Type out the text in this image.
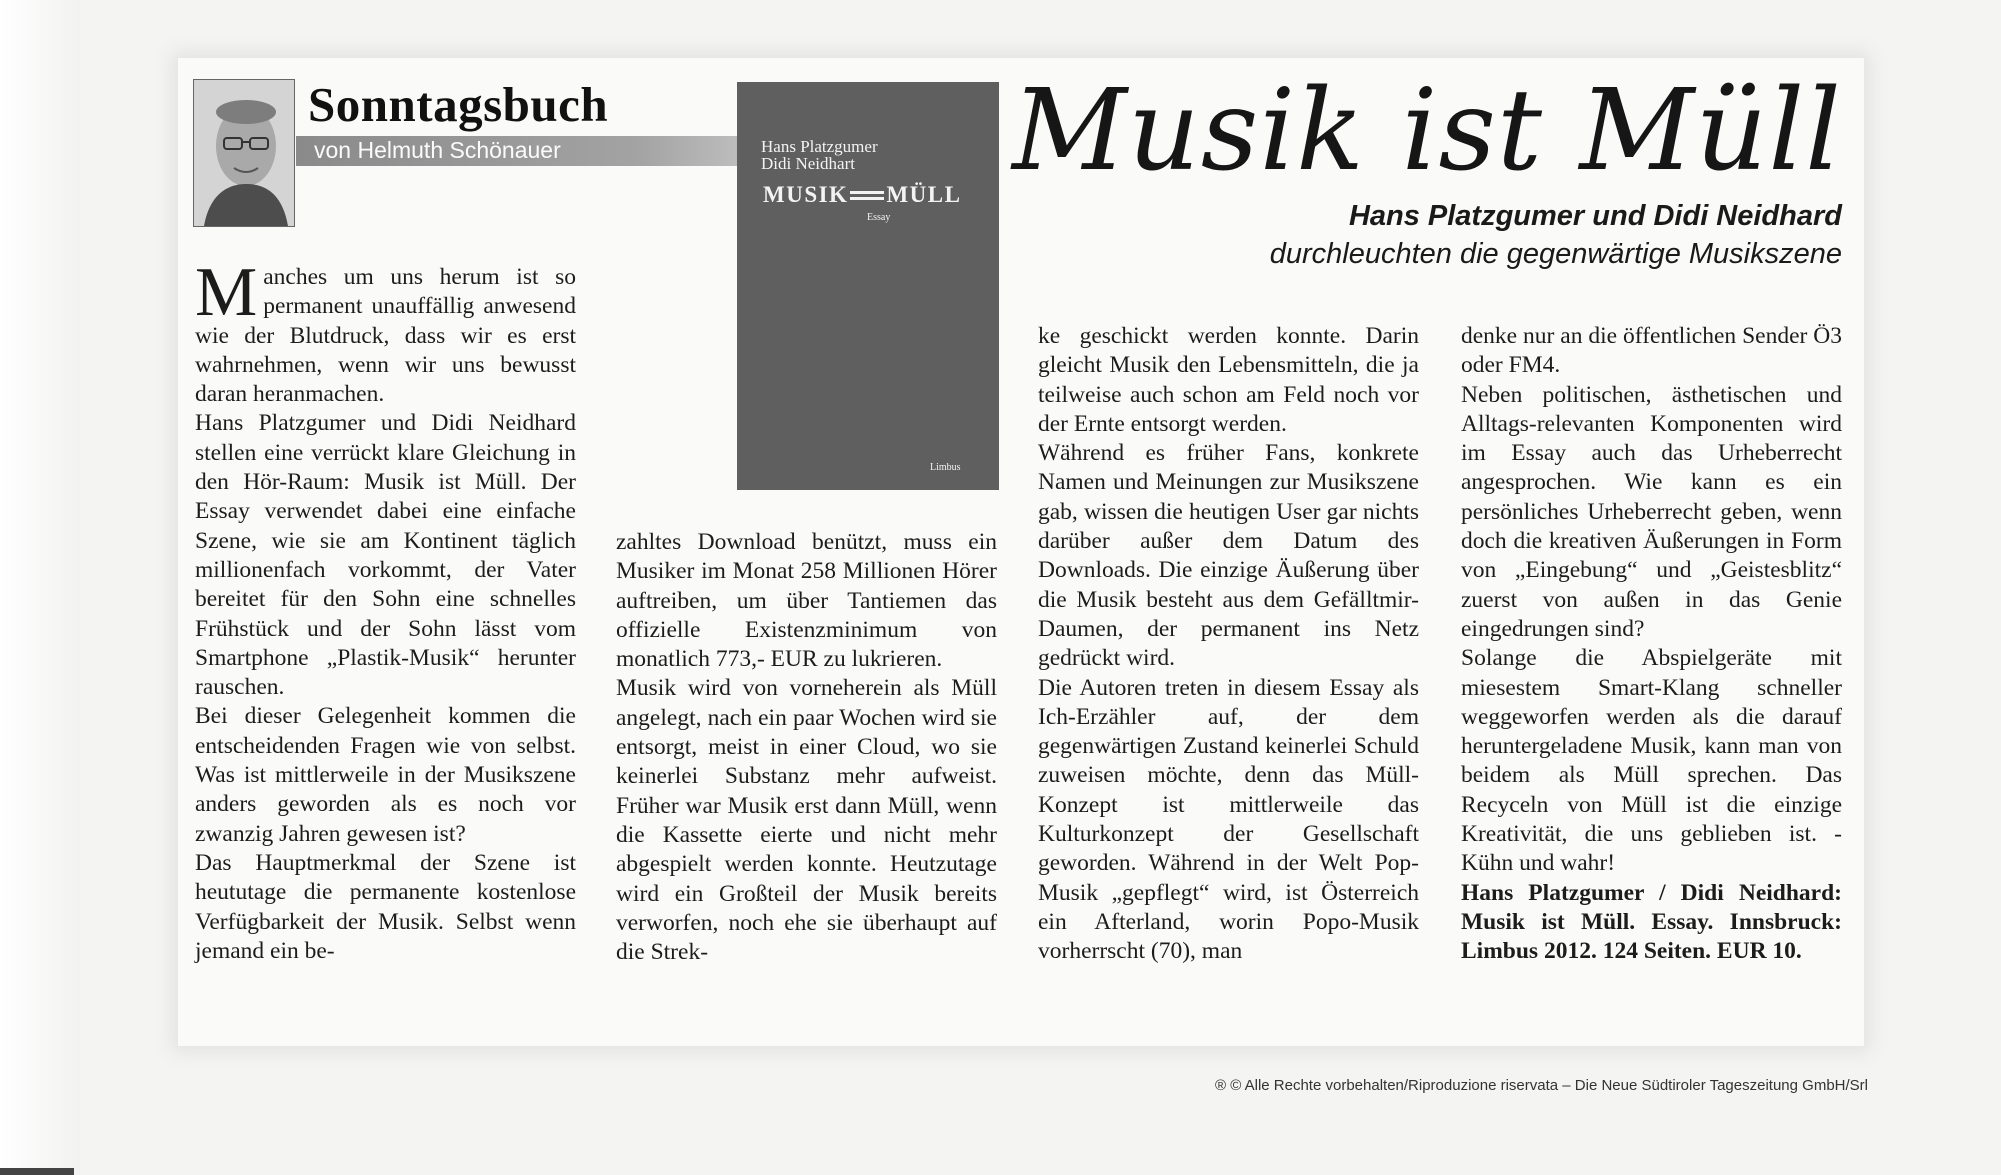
Sonntagsbuch
von Helmuth Schönauer	Hans Platzgumer
Didi Neidhart
MUSIK MÜLL
Essay
Limbus
Musik ist Müll
Hans Platzgumer und Didi Neidhard
durchleuchten die gegenwärtige Musikszene

Manches um uns herum ist so permanent unauffällig anwesend wie der Blutdruck, dass wir es erst wahrnehmen, wenn wir uns bewusst daran heranmachen.

Hans Platzgumer und Didi Neidhard stellen eine verrückt klare Gleichung in den Hör-Raum: Musik ist Müll. Der Essay verwendet dabei eine einfache Szene, wie sie am Kontinent täglich millionenfach vorkommt, der Vater bereitet für den Sohn eine schnelles Frühstück und der Sohn lässt vom Smartphone „Plastik-Musik“ herunter rauschen.

Bei dieser Gelegenheit kommen die entscheidenden Fragen wie von selbst. Was ist mittlerweile in der Musikszene anders geworden als es noch vor zwanzig Jahren gewesen ist?

Das Hauptmerkmal der Szene ist heututage die permanente kostenlose Verfügbarkeit der Musik. Selbst wenn jemand ein be-

zahltes Download benützt, muss ein Musiker im Monat 258 Millionen Hörer auftreiben, um über Tantiemen das offizielle Existenzminimum von monatlich 773,- EUR zu lukrieren.

Musik wird von vorneherein als Müll angelegt, nach ein paar Wochen wird sie entsorgt, meist in einer Cloud, wo sie keinerlei Substanz mehr aufweist. Früher war Musik erst dann Müll, wenn die Kassette eierte und nicht mehr abgespielt werden konnte. Heutzutage wird ein Großteil der Musik bereits verworfen, noch ehe sie überhaupt auf die Strek-

ke geschickt werden konnte. Darin gleicht Musik den Lebensmitteln, die ja teilweise auch schon am Feld noch vor der Ernte entsorgt werden.

Während es früher Fans, konkrete Namen und Meinungen zur Musikszene gab, wissen die heutigen User gar nichts darüber außer dem Datum des Downloads. Die einzige Äußerung über die Musik besteht aus dem Gefälltmir-Daumen, der permanent ins Netz gedrückt wird.

Die Autoren treten in diesem Essay als Ich-Erzähler auf, der dem gegenwärtigen Zustand keinerlei Schuld zuweisen möchte, denn das Müll-Konzept ist mittlerweile das Kulturkonzept der Gesellschaft geworden. Während in der Welt Pop-Musik „gepflegt“ wird, ist Österreich ein Afterland, worin Popo-Musik vorherrscht (70), man

denke nur an die öffentlichen Sender Ö3 oder FM4.

Neben politischen, ästhetischen und Alltags-relevanten Komponenten wird im Essay auch das Urheberrecht angesprochen. Wie kann es ein persönliches Urheberrecht geben, wenn doch die kreativen Äußerungen in Form von „Eingebung“ und „Geistesblitz“ zuerst von außen in das Genie eingedrungen sind?

Solange die Abspielgeräte mit miesestem Smart-Klang schneller weggeworfen werden als die darauf heruntergeladene Musik, kann man von beidem als Müll sprechen. Das Recyceln von Müll ist die einzige Kreativität, die uns geblieben ist. - Kühn und wahr!

Hans Platzgumer / Didi Neidhard: Musik ist Müll. Essay. Innsbruck: Limbus 2012. 124 Seiten. EUR 10.

® © Alle Rechte vorbehalten/Riproduzione riservata – Die Neue Südtiroler Tageszeitung GmbH/Srl
